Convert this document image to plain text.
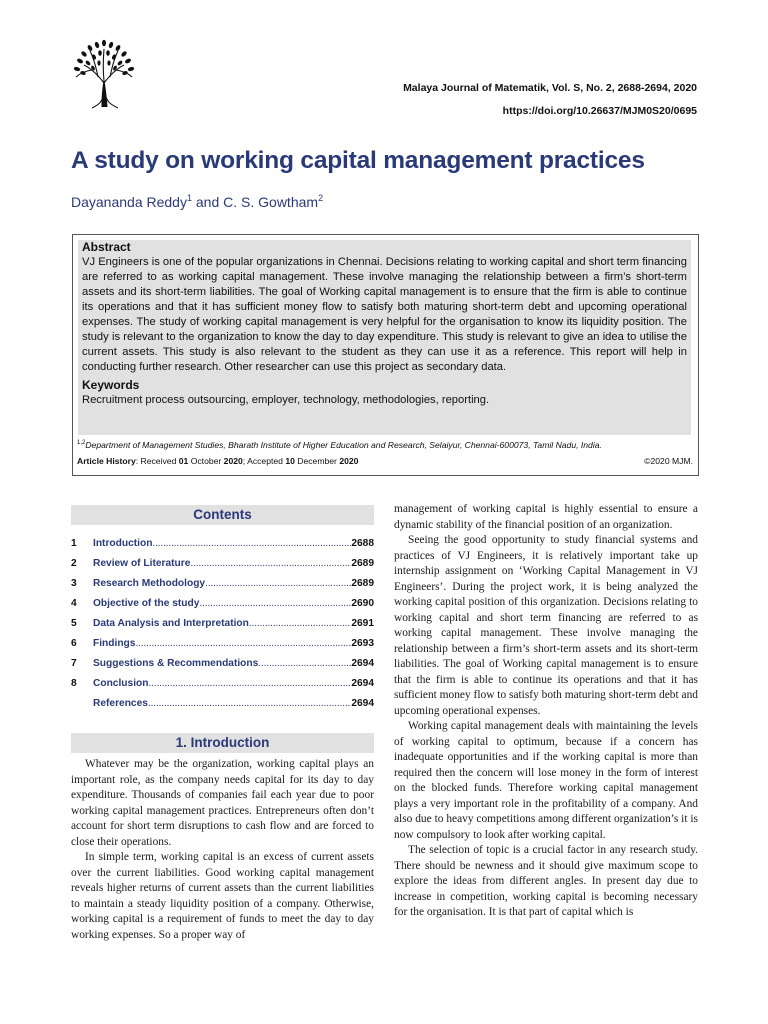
Malaya Journal of Matematik, Vol. S, No. 2, 2688-2694, 2020
https://doi.org/10.26637/MJM0S20/0695
A study on working capital management practices
Dayananda Reddy$^1$ and C. S. Gowtham$^2$

Abstract

VJ Engineers is one of the popular organizations in Chennai. Decisions relating to working capital and short term financing are referred to as working capital management. These involve managing the relationship between a firm’s short-term assets and its short-term liabilities. The goal of Working capital management is to ensure that the firm is able to continue its operations and that it has sufficient money flow to satisfy both maturing short-term debt and upcoming operational expenses. The study of working capital management is very helpful for the organisation to know its liquidity position. The study is relevant to the organization to know the day to day expenditure. This study is relevant to give an idea to utilise the current assets. This study is also relevant to the student as they can use it as a reference. This report will help in conducting further research. Other researcher can use this project as secondary data.

Keywords

Recruitment process outsourcing, employer, technology, methodologies, reporting.

$^{1,2}$Department of Management Studies, Bharath Institute of Higher Education and Research, Selaiyur, Chennai-600073, Tamil Nadu, India.
Article History: Received 01 October 2020; Accepted 10 December 2020	©2020 MJM.
Contents
1 Introduction . . .	2688
2 Review of Literature . . .	2689
3 Research Methodology . . .	2689
4 Objective of the study . . .	2690
5 Data Analysis and Interpretation . . .	2691
6 Findings . . .	2693
7 Suggestions & Recommendations . . .	2694
8 Conclusion . . .	2694
References . . .	2694
1. Introduction

Whatever may be the organization, working capital plays an important role, as the company needs capital for its day to day expenditure. Thousands of companies fail each year due to poor working capital management practices. Entrepreneurs often don’t account for short term disruptions to cash flow and are forced to close their operations.

In simple term, working capital is an excess of current assets over the current liabilities. Good working capital management reveals higher returns of current assets than the current liabilities to maintain a steady liquidity position of a company. Otherwise, working capital is a requirement of funds to meet the day to day working expenses. So a proper way of

management of working capital is highly essential to ensure a dynamic stability of the financial position of an organization.

Seeing the good opportunity to study financial systems and practices of VJ Engineers, it is relatively important take up internship assignment on ‘Working Capital Management in VJ Engineers’. During the project work, it is being analyzed the working capital position of this organization. Decisions relating to working capital and short term financing are referred to as working capital management. These involve managing the relationship between a firm’s short-term assets and its short-term liabilities. The goal of Working capital management is to ensure that the firm is able to continue its operations and that it has sufficient money flow to satisfy both maturing short-term debt and upcoming operational expenses.

Working capital management deals with maintaining the levels of working capital to optimum, because if a concern has inadequate opportunities and if the working capital is more than required then the concern will lose money in the form of interest on the blocked funds. Therefore working capital management plays a very important role in the profitability of a company. And also due to heavy competitions among different organization’s it is now compulsory to look after working capital.

The selection of topic is a crucial factor in any research study. There should be newness and it should give maximum scope to explore the ideas from different angles. In present day due to increase in competition, working capital is becoming necessary for the organisation. It is that part of capital which is
